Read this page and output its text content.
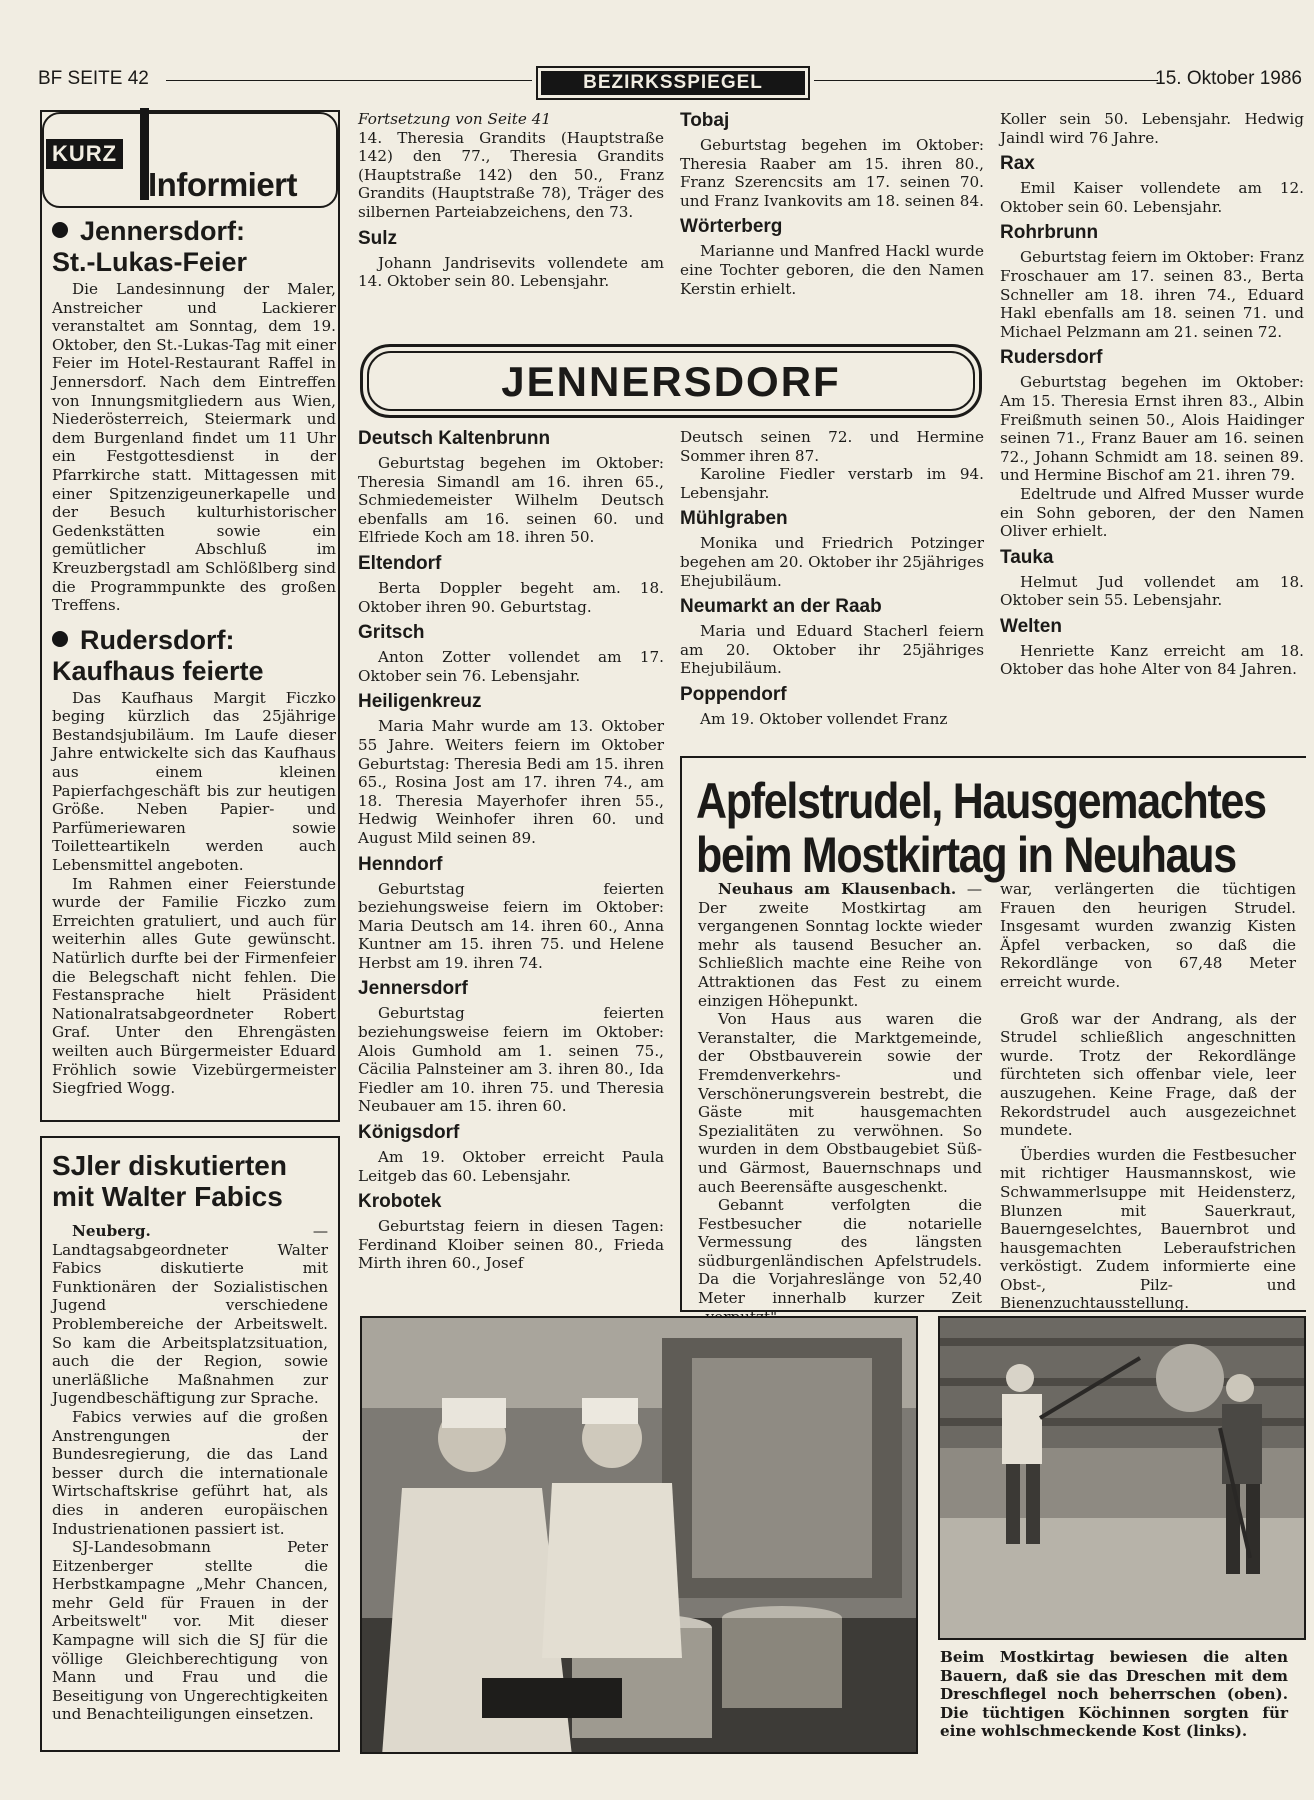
BF SEITE 42	BEZIRKSSPIEGEL	15. Oktober 1986
KURZ
Informiert
Jennersdorf:
St.-Lukas-Feier

Die Landesinnung der Maler, Anstreicher und Lackierer veranstaltet am Sonntag, dem 19. Oktober, den St.-Lukas-Tag mit einer Feier im Hotel-Restaurant Raffel in Jennersdorf. Nach dem Eintreffen von Innungsmitgliedern aus Wien, Niederösterreich, Steiermark und dem Burgenland findet um 11 Uhr ein Festgottesdienst in der Pfarrkirche statt. Mittagessen mit einer Spitzenzigeunerkapelle und der Besuch kulturhistorischer Gedenkstätten sowie ein gemütlicher Abschluß im Kreuzbergstadl am Schlößlberg sind die Programmpunkte des großen Treffens.

Rudersdorf:
Kaufhaus feierte

Das Kaufhaus Margit Ficzko beging kürzlich das 25jährige Bestandsjubiläum. Im Laufe dieser Jahre entwickelte sich das Kaufhaus aus einem kleinen Papierfachgeschäft bis zur heutigen Größe. Neben Papier- und Parfümeriewaren sowie Toiletteartikeln werden auch Lebensmittel angeboten.

Im Rahmen einer Feierstunde wurde der Familie Ficzko zum Erreichten gratuliert, und auch für weiterhin alles Gute gewünscht. Natürlich durfte bei der Firmenfeier die Belegschaft nicht fehlen. Die Festansprache hielt Präsident Nationalratsabgeordneter Robert Graf. Unter den Ehrengästen weilten auch Bürgermeister Eduard Fröhlich sowie Vizebürgermeister Siegfried Wogg.

SJler diskutierten mit Walter Fabics

Neuberg.	— Landtagsabgeordneter Walter Fabics diskutierte mit Funktionären der Sozialistischen Jugend verschiedene Problembereiche der Arbeitswelt. So kam die Arbeitsplatzsituation, auch die der Region, sowie unerläßliche Maßnahmen zur Jugendbeschäftigung zur Sprache.

Fabics verwies auf die großen Anstrengungen der Bundesregierung, die das Land besser durch die internationale Wirtschaftskrise geführt hat, als dies in anderen europäischen Industrienationen passiert ist.

SJ-Landesobmann Peter Eitzenberger stellte die Herbstkampagne „Mehr Chancen, mehr Geld für Frauen in der Arbeitswelt" vor. Mit dieser Kampagne will sich die SJ für die völlige Gleichberechtigung von Mann und Frau und die Beseitigung von Ungerechtigkeiten und Benachteiligungen einsetzen.

Fortsetzung von Seite 41

14. Theresia Grandits (Hauptstraße 142) den 77., Theresia Grandits (Hauptstraße 142) den 50., Franz Grandits (Hauptstraße 78), Träger des silbernen Parteiabzeichens, den 73.

Sulz

Johann Jandrisevits vollendete am 14. Oktober sein 80. Lebensjahr.

Tobaj

Geburtstag begehen im Oktober: Theresia Raaber am 15. ihren 80., Franz Szerencsits am 17. seinen 70. und Franz Ivankovits am 18. seinen 84.

Wörterberg

Marianne und Manfred Hackl wurde eine Tochter geboren, die den Namen Kerstin erhielt.

Koller sein 50. Lebensjahr. Hedwig Jaindl wird 76 Jahre.

Rax

Emil Kaiser vollendete am 12. Oktober sein 60. Lebensjahr.

Rohrbrunn

Geburtstag feiern im Oktober: Franz Froschauer am 17. seinen 83., Berta Schneller am 18. ihren 74., Eduard Hakl ebenfalls am 18. seinen 71. und Michael Pelzmann am 21. seinen 72.

Rudersdorf

Geburtstag begehen im Oktober: Am 15. Theresia Ernst ihren 83., Albin Freißmuth seinen 50., Alois Haidinger seinen 71., Franz Bauer am 16. seinen 72., Johann Schmidt am 18. seinen 89. und Hermine Bischof am 21. ihren 79.

Edeltrude und Alfred Musser wurde ein Sohn geboren, der den Namen Oliver erhielt.

Tauka

Helmut Jud vollendet am 18. Oktober sein 55. Lebensjahr.

Welten

Henriette Kanz erreicht am 18. Oktober das hohe Alter von 84 Jahren.

JENNERSDORF
Deutsch Kaltenbrunn

Geburtstag begehen im Oktober: Theresia Simandl am 16. ihren 65., Schmiedemeister Wilhelm Deutsch ebenfalls am 16. seinen 60. und Elfriede Koch am 18. ihren 50.

Eltendorf

Berta Doppler begeht am. 18. Oktober ihren 90. Geburtstag.

Gritsch

Anton Zotter vollendet am 17. Oktober sein 76. Lebensjahr.

Heiligenkreuz

Maria Mahr wurde am 13. Oktober 55 Jahre. Weiters feiern im Oktober Geburtstag: Theresia Bedi am 15. ihren 65., Rosina Jost am 17. ihren 74., am 18. Theresia Mayerhofer ihren 55., Hedwig Weinhofer ihren 60. und August Mild seinen 89.

Henndorf

Geburtstag feierten beziehungsweise feiern im Oktober: Maria Deutsch am 14. ihren 60., Anna Kuntner am 15. ihren 75. und Helene Herbst am 19. ihren 74.

Jennersdorf

Geburtstag feierten beziehungsweise feiern im Oktober: Alois Gumhold am 1. seinen 75., Cäcilia Palnsteiner am 3. ihren 80., Ida Fiedler am 10. ihren 75. und Theresia Neubauer am 15. ihren 60.

Königsdorf

Am 19. Oktober erreicht Paula Leitgeb das 60. Lebensjahr.

Krobotek

Geburtstag feiern in diesen Tagen: Ferdinand Kloiber seinen 80., Frieda Mirth ihren 60., Josef

Deutsch seinen 72. und Hermine Sommer ihren 87.

Karoline Fiedler verstarb im 94. Lebensjahr.

Mühlgraben

Monika und Friedrich Potzinger begehen am 20. Oktober ihr 25jähriges Ehejubiläum.

Neumarkt an der Raab

Maria und Eduard Stacherl feiern am 20. Oktober ihr 25jähriges Ehejubiläum.

Poppendorf

Am 19. Oktober vollendet Franz

Apfelstrudel, Hausgemachtes
beim Mostkirtag in Neuhaus

Neuhaus am Klausenbach. — Der zweite Mostkirtag am vergangenen Sonntag lockte wieder mehr als tausend Besucher an. Schließlich machte eine Reihe von Attraktionen das Fest zu einem einzigen Höhepunkt.

Von Haus aus waren die Veranstalter, die Marktgemeinde, der Obstbauverein sowie der Fremdenverkehrs- und Verschönerungsverein bestrebt, die Gäste mit hausgemachten Spezialitäten zu verwöhnen. So wurden in dem Obstbaugebiet Süß- und Gärmost, Bauernschnaps und auch Beerensäfte ausgeschenkt.

Gebannt verfolgten die Festbesucher die notarielle Vermessung des längsten südburgenländischen Apfelstrudels. Da die Vorjahreslänge von 52,40 Meter innerhalb kurzer Zeit

war, verlängerten die tüchtigen Frauen den heurigen Strudel. Insgesamt wurden zwanzig Kisten Äpfel verbacken, so daß die Rekordlänge von 67,48 Meter erreicht wurde.

Groß war der Andrang, als der Strudel schließlich angeschnitten wurde. Trotz der Rekordlänge fürchteten sich offenbar viele, leer auszugehen. Keine Frage, daß der Rekordstrudel auch ausgezeichnet mundete.

Überdies wurden die Festbesucher mit richtiger Hausmannskost, wie Schwammerlsuppe mit Heidensterz, Blunzen mit Sauerkraut, Bauerngeselchtes, Bauernbrot und hausgemachten Leberaufstrichen verköstigt. Zudem informierte eine Obst-, Pilz- und Bienenzuchtausstellung.

Beim Mostkirtag bewiesen die alten Bauern, daß sie das Dreschen mit dem Dreschflegel noch beherrschen (oben). Die tüchtigen Köchinnen sorgten für eine wohlschmeckende Kost (links).
